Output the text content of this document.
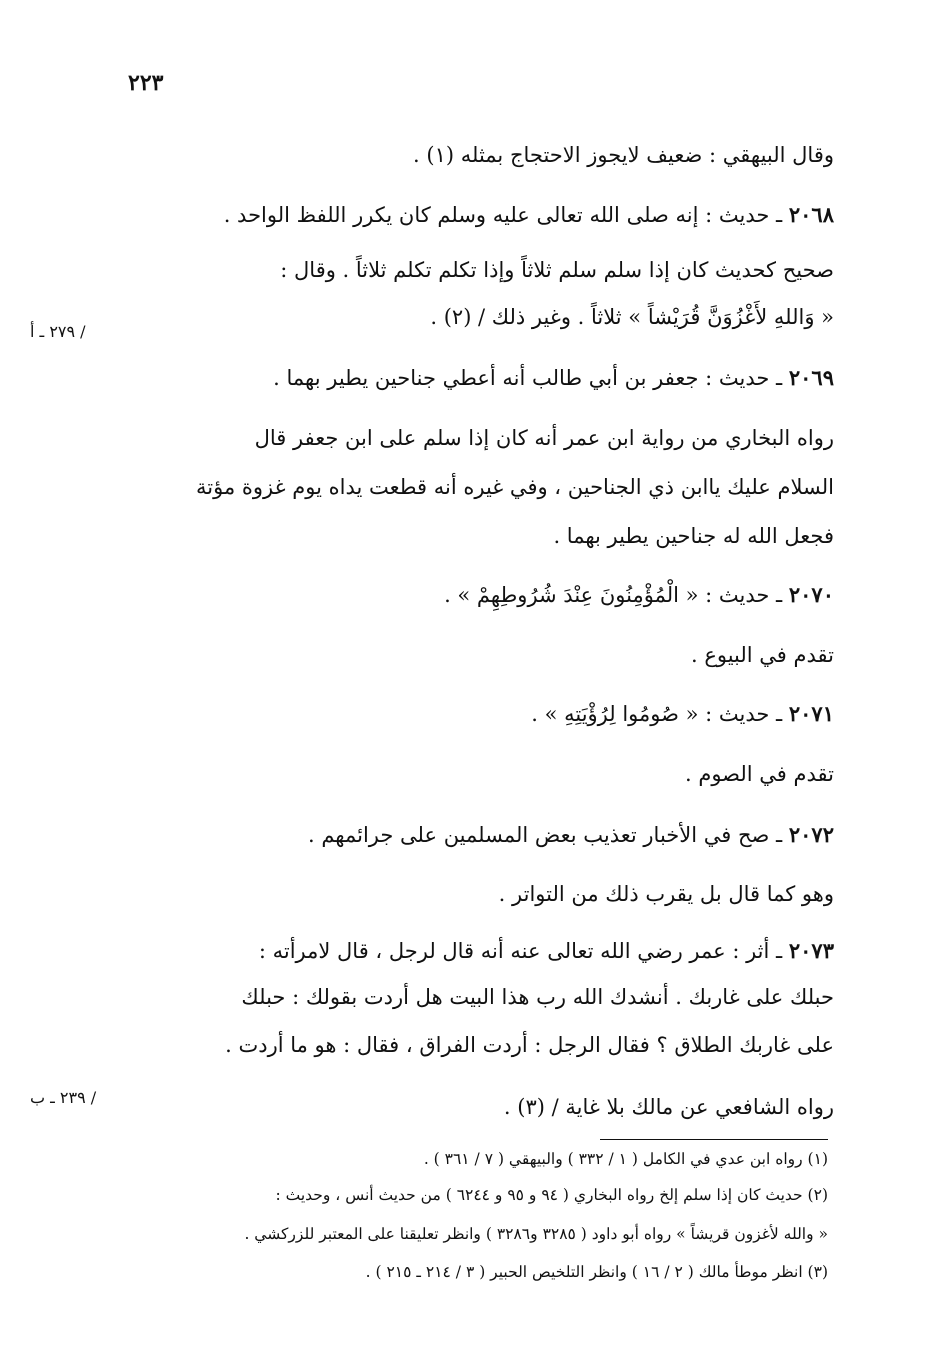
٢٢٣
وقال البيهقي : ضعيف لايجوز الاحتجاج بمثله (١) .
٢٠٦٨ ـ حديث : إنه صلى الله تعالى عليه وسلم كان يكرر اللفظ الواحد .
صحيح كحديث كان إذا سلم سلم ثلاثاً وإذا تكلم تكلم ثلاثاً . وقال :
« وَاللهِ لأَغْزُوَنَّ قُرَيْشاً » ثلاثاً . وغير ذلك / (٢) .
٢٠٦٩ ـ حديث : جعفر بن أبي طالب أنه أعطي جناحين يطير بهما .
رواه البخاري من رواية ابن عمر أنه كان إذا سلم على ابن جعفر قال
السلام عليك ياابن ذي الجناحين ، وفي غيره أنه قطعت يداه يوم غزوة مؤتة
فجعل الله له جناحين يطير بهما .
٢٠٧٠ ـ حديث : « الْمُؤْمِنُونَ عِنْدَ شُرُوطِهِمْ » .
تقدم في البيوع .
٢٠٧١ ـ حديث : « صُومُوا لِرُؤْيَتِهِ » .
تقدم في الصوم .
٢٠٧٢ ـ صح في الأخبار تعذيب بعض المسلمين على جرائمهم .
وهو كما قال بل يقرب ذلك من التواتر .
٢٠٧٣ ـ أثر : عمر رضي الله تعالى عنه أنه قال لرجل ، قال لامرأته :
حبلك على غاربك . أنشدك الله رب هذا البيت هل أردت بقولك : حبلك
على غاربك الطلاق ؟ فقال الرجل : أردت الفراق ، فقال : هو ما أردت .
رواه الشافعي عن مالك بلا غاية / (٣) .
/ ٢٧٩ ـ أ
/ ٢٣٩ ـ ب
(١) رواه ابن عدي في الكامل ( ١ / ٣٣٢ ) والبيهقي ( ٧ / ٣٦١ ) .
(٢) حديث كان إذا سلم إلخ رواه البخاري ( ٩٤ و ٩٥ و ٦٢٤٤ ) من حديث أنس ، وحديث :
« والله لأغزون قريشاً » رواه أبو داود ( ٣٢٨٥ و٣٢٨٦ ) وانظر تعليقنا على المعتبر للزركشي .
(٣) انظر موطأ مالك ( ٢ / ١٦ ) وانظر التلخيص الحبير ( ٣ / ٢١٤ ـ ٢١٥ ) .
